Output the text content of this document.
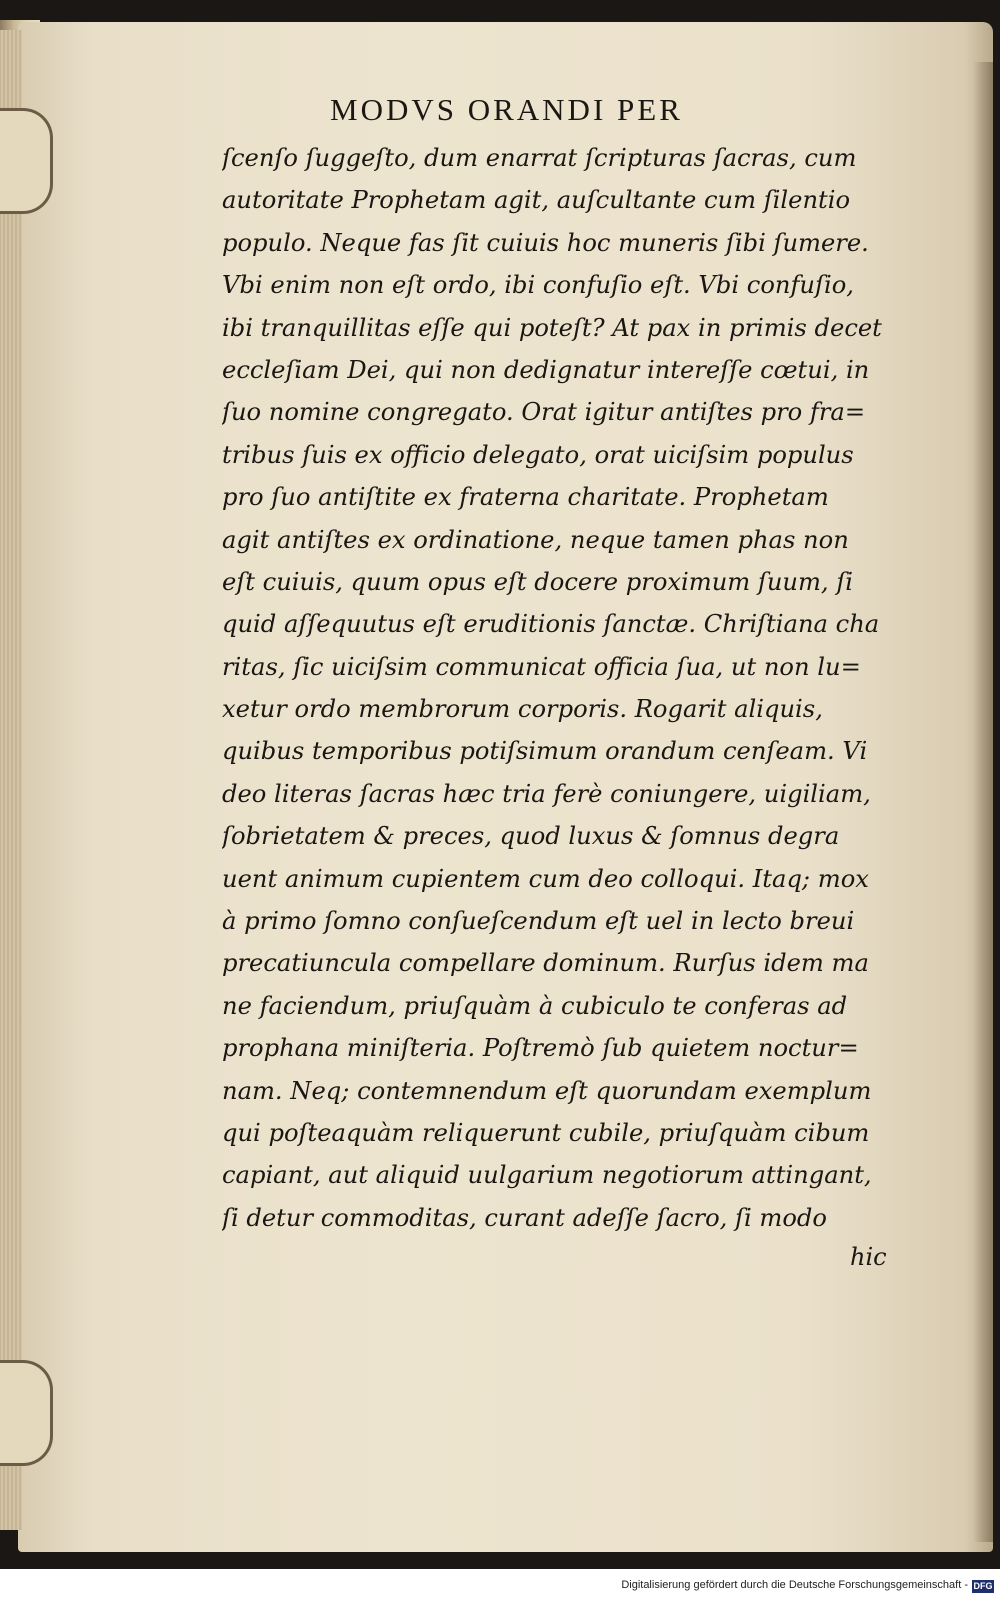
MODVS ORANDI PER
ſcenſo ſuggeſto, dum enarrat ſcripturas ſacras, cum
autoritate Prophetam agit, auſcultante cum ſilentio
populo. Neque fas ſit cuiuis hoc muneris ſibi ſumere.
Vbi enim non eſt ordo, ibi confuſio eſt. Vbi confuſio,
ibi tranquillitas eſſe qui poteſt? At pax in primis decet
eccleſiam Dei, qui non dedignatur intereſſe cœtui, in
ſuo nomine congregato. Orat igitur antiſtes pro fra=
tribus ſuis ex officio delegato, orat uiciſsim populus
pro ſuo antiſtite ex fraterna charitate. Prophetam
agit antiſtes ex ordinatione, neque tamen phas non
eſt cuiuis, quum opus eſt docere proximum ſuum, ſi
quid aſſequutus eſt eruditionis ſanctæ. Chriſtiana cha
ritas, ſic uiciſsim communicat officia ſua, ut non lu=
xetur ordo membrorum corporis. Rogarit aliquis,
quibus temporibus potiſsimum orandum cenſeam. Vi
deo literas ſacras hæc tria ferè coniungere, uigiliam,
ſobrietatem & preces, quod luxus & ſomnus degra
uent animum cupientem cum deo colloqui. Itaq; mox
à primo ſomno conſueſcendum eſt uel in lecto breui
precatiuncula compellare dominum. Rurſus idem ma
ne faciendum, priuſquàm à cubiculo te conferas ad
prophana miniſteria. Poſtremò ſub quietem noctur=
nam. Neq; contemnendum eſt quorundam exemplum
qui poſteaquàm reliquerunt cubile, priuſquàm cibum
capiant, aut aliquid uulgarium negotiorum attingant,
ſi detur commoditas, curant adeſſe ſacro, ſi modo
hic
Digitalisierung gefördert durch die Deutsche Forschungsgemeinschaft - DFG
